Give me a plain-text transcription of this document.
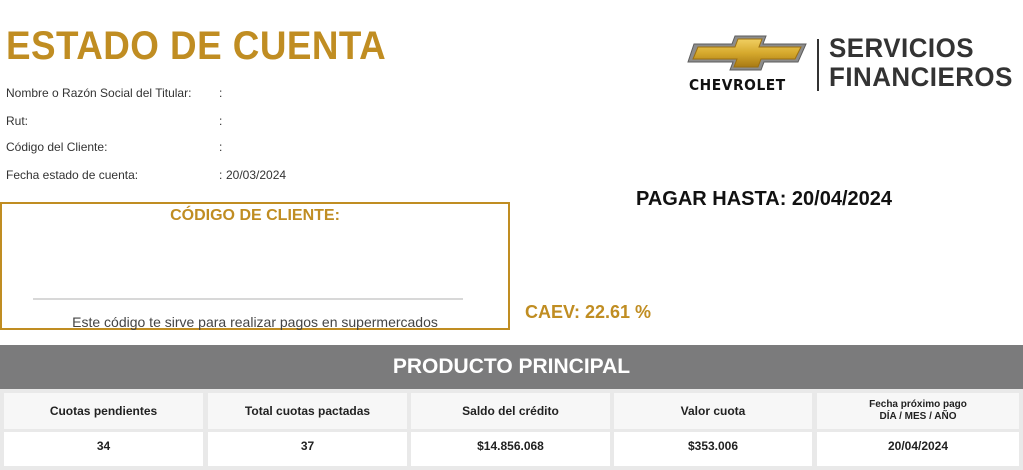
ESTADO DE CUENTA
Nombre o Razón Social del Titular: :
Rut:	:
Código del Cliente:	:
Fecha estado de cuenta:	: 20/03/2024
CHEVROLET
SERVICIOS
FINANCIEROS
PAGAR HASTA: 20/04/2024
CÓDIGO DE CLIENTE:
Este código te sirve para realizar pagos en supermercados	CAEV: 22.61 %
PRODUCTO PRINCIPAL
Cuotas pendientes	Total cuotas pactadas	Saldo del crédito	Valor cuota	Fecha próximo pago
DÍA / MES / AÑO
34	37	$14.856.068	$353.006	20/04/2024
